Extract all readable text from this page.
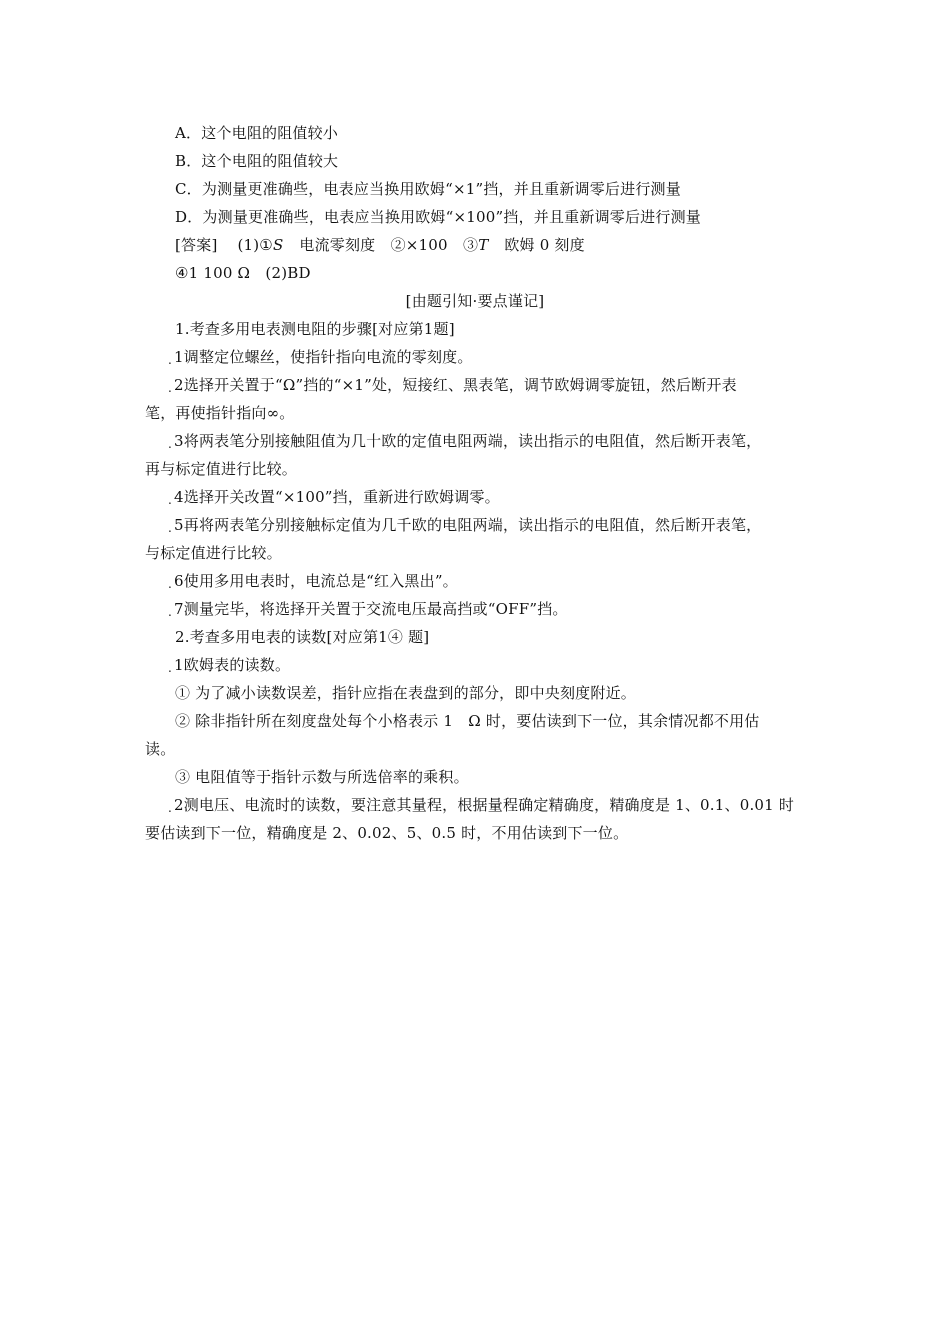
A．这个电阻的阻值较小
B．这个电阻的阻值较大
C．为测量更准确些，电表应当换用欧姆“×1”挡，并且重新调零后进行测量
D．为测量更准确些，电表应当换用欧姆“×100”挡，并且重新调零后进行测量
[答案] (1)①S 电流零刻度　②×100　③T 欧姆 0 刻度
④1 100 Ω　(2)BD
[由题引知·要点谨记]
1.考查多用电表测电阻的步骤[对应第1题]
. 1调整定位螺丝，使指针指向电流的零刻度。
. 2选择开关置于“Ω”挡的“×1”处，短接红、黑表笔，调节欧姆调零旋钮，然后断开表
笔，再使指针指向∞。
. 3将两表笔分别接触阻值为几十欧的定值电阻两端，读出指示的电阻值，然后断开表笔，
再与标定值进行比较。
. 4选择开关改置“×100”挡，重新进行欧姆调零。
. 5再将两表笔分别接触标定值为几千欧的电阻两端，读出指示的电阻值，然后断开表笔，
与标定值进行比较。
. 6使用多用电表时，电流总是“红入黑出”。
. 7测量完毕，将选择开关置于交流电压最高挡或“OFF”挡。
2.考查多用电表的读数[对应第1④ 题]
. 1欧姆表的读数。
① 为了减小读数误差，指针应指在表盘到的部分，即中央刻度附近。
② 除非指针所在刻度盘处每个小格表示 1　Ω 时，要估读到下一位，其余情况都不用估
读。
③ 电阻值等于指针示数与所选倍率的乘积。
. 2测电压、电流时的读数，要注意其量程，根据量程确定精确度，精确度是 1、0.1、0.01 时
要估读到下一位，精确度是 2、0.02、5、0.5 时，不用估读到下一位。
